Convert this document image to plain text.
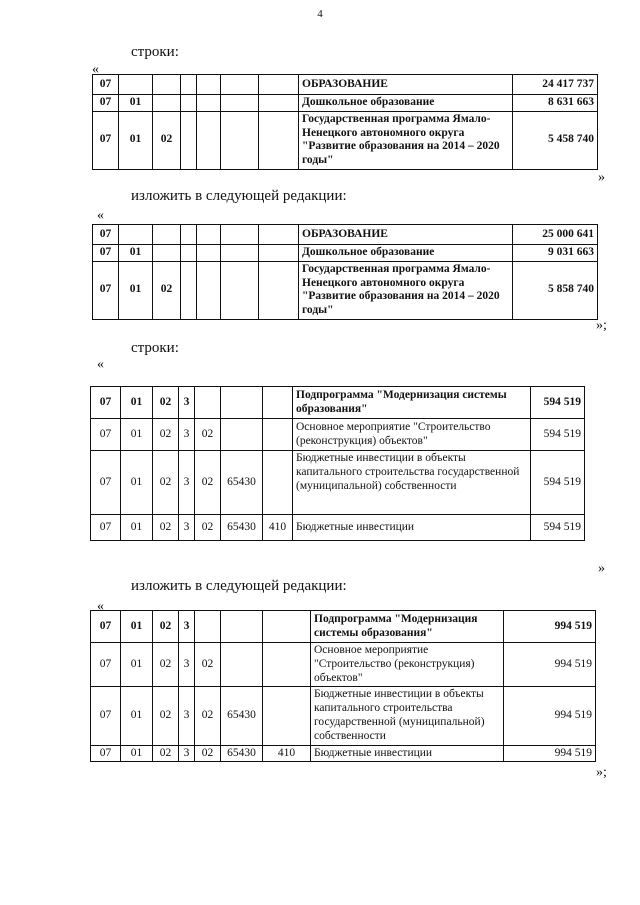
4
строки:
«
07							ОБРАЗОВАНИЕ	24 417 737
07	01						Дошкольное образование	8 631 663
07	01	02					Государственная программа Ямало-Ненецкого автономного округа "Развитие образования на 2014 – 2020 годы"	5 458 740
»
изложить в следующей редакции:
«
07							ОБРАЗОВАНИЕ	25 000 641
07	01						Дошкольное образование	9 031 663
07	01	02					Государственная программа Ямало-Ненецкого автономного округа "Развитие образования на 2014 – 2020 годы"	5 858 740
»;
строки:
«
07	01	02	3				Подпрограмма "Модернизация системы образования"	594 519
07	01	02	3	02			Основное мероприятие "Строительство (реконструкция) объектов"	594 519
07	01	02	3	02	65430		Бюджетные инвестиции в объекты капитального строительства государственной (муниципальной) собственности	594 519
07	01	02	3	02	65430	410	Бюджетные инвестиции	594 519
»
изложить в следующей редакции:
«
07	01	02	3				Подпрограмма "Модернизация системы образования"	994 519
07	01	02	3	02			Основное мероприятие "Строительство (реконструкция) объектов"	994 519
07	01	02	3	02	65430		Бюджетные инвестиции в объекты капитального строительства государственной (муниципальной) собственности	994 519
07	01	02	3	02	65430	410	Бюджетные инвестиции	994 519
»;
